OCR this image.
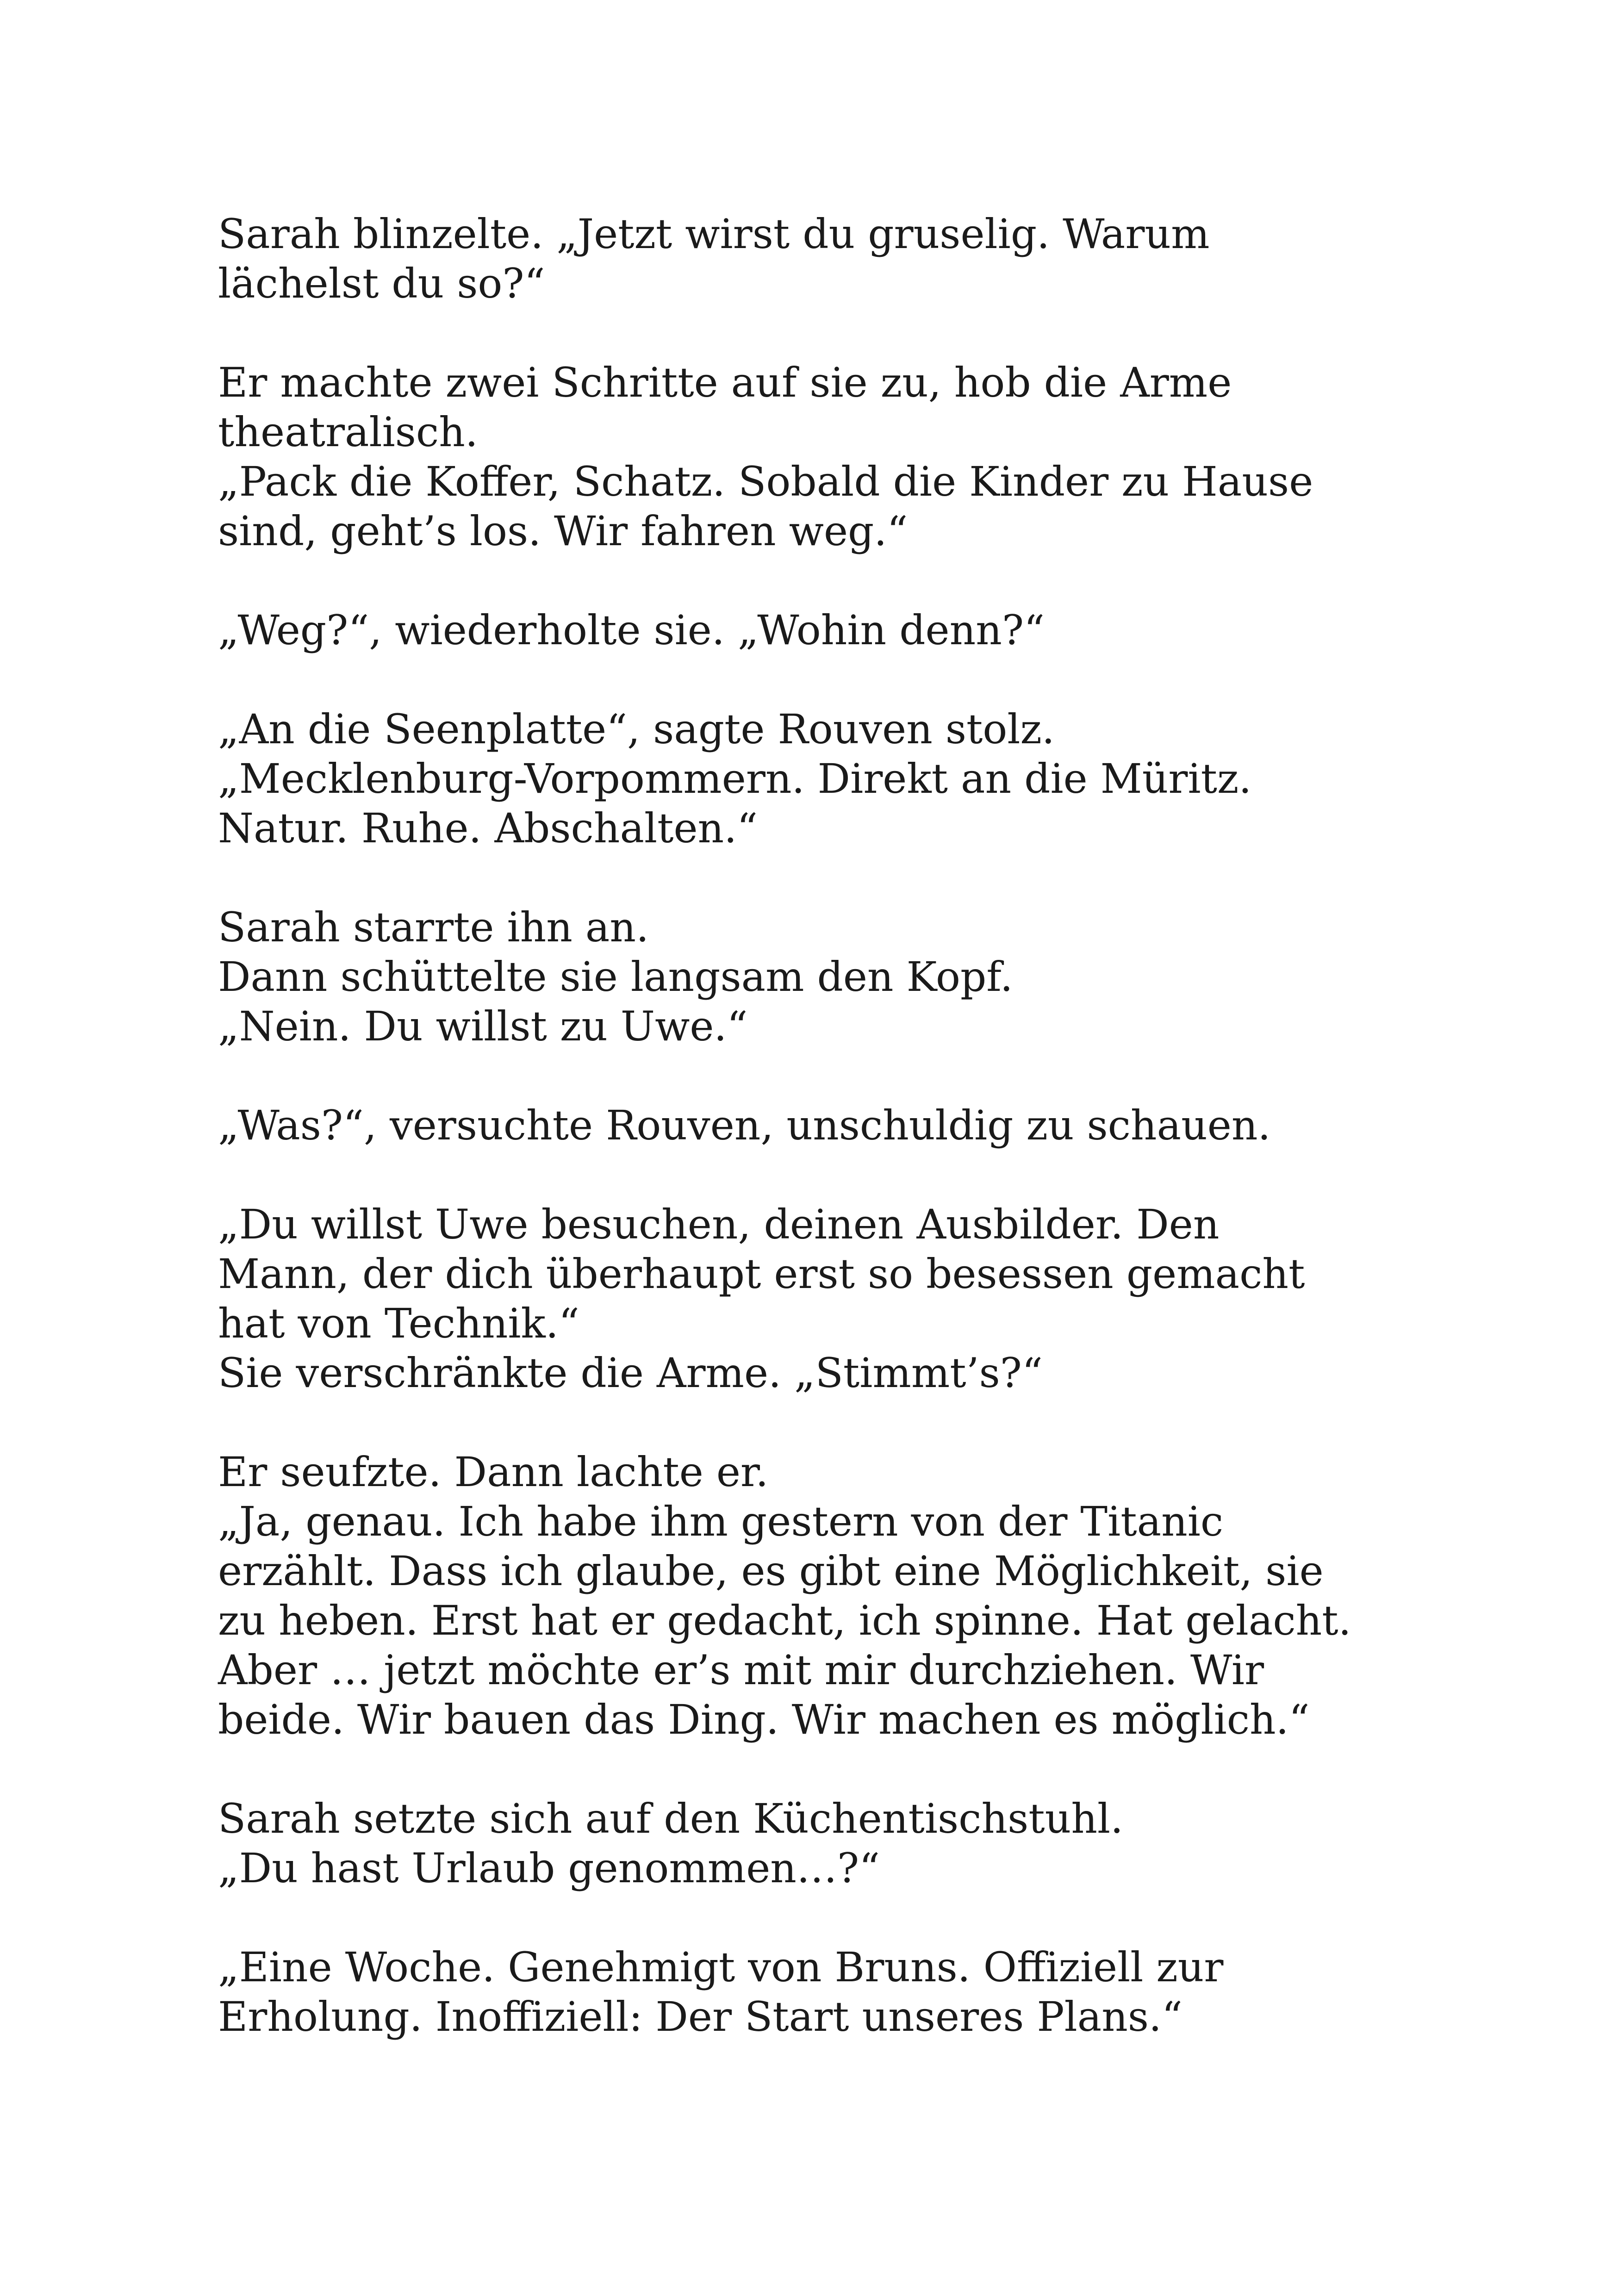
Sarah blinzelte. „Jetzt wirst du gruselig. Warum
lächelst du so?“

Er machte zwei Schritte auf sie zu, hob die Arme
theatralisch.
„Pack die Koffer, Schatz. Sobald die Kinder zu Hause
sind, geht’s los. Wir fahren weg.“

„Weg?“, wiederholte sie. „Wohin denn?“

„An die Seenplatte“, sagte Rouven stolz.
„Mecklenburg-Vorpommern. Direkt an die Müritz.
Natur. Ruhe. Abschalten.“

Sarah starrte ihn an.
Dann schüttelte sie langsam den Kopf.
„Nein. Du willst zu Uwe.“

„Was?“, versuchte Rouven, unschuldig zu schauen.

„Du willst Uwe besuchen, deinen Ausbilder. Den
Mann, der dich überhaupt erst so besessen gemacht
hat von Technik.“
Sie verschränkte die Arme. „Stimmt’s?“

Er seufzte. Dann lachte er.
„Ja, genau. Ich habe ihm gestern von der Titanic
erzählt. Dass ich glaube, es gibt eine Möglichkeit, sie
zu heben. Erst hat er gedacht, ich spinne. Hat gelacht.
Aber … jetzt möchte er’s mit mir durchziehen. Wir
beide. Wir bauen das Ding. Wir machen es möglich.“

Sarah setzte sich auf den Küchentischstuhl.
„Du hast Urlaub genommen…?“

„Eine Woche. Genehmigt von Bruns. Offiziell zur
Erholung. Inoffiziell: Der Start unseres Plans.“
